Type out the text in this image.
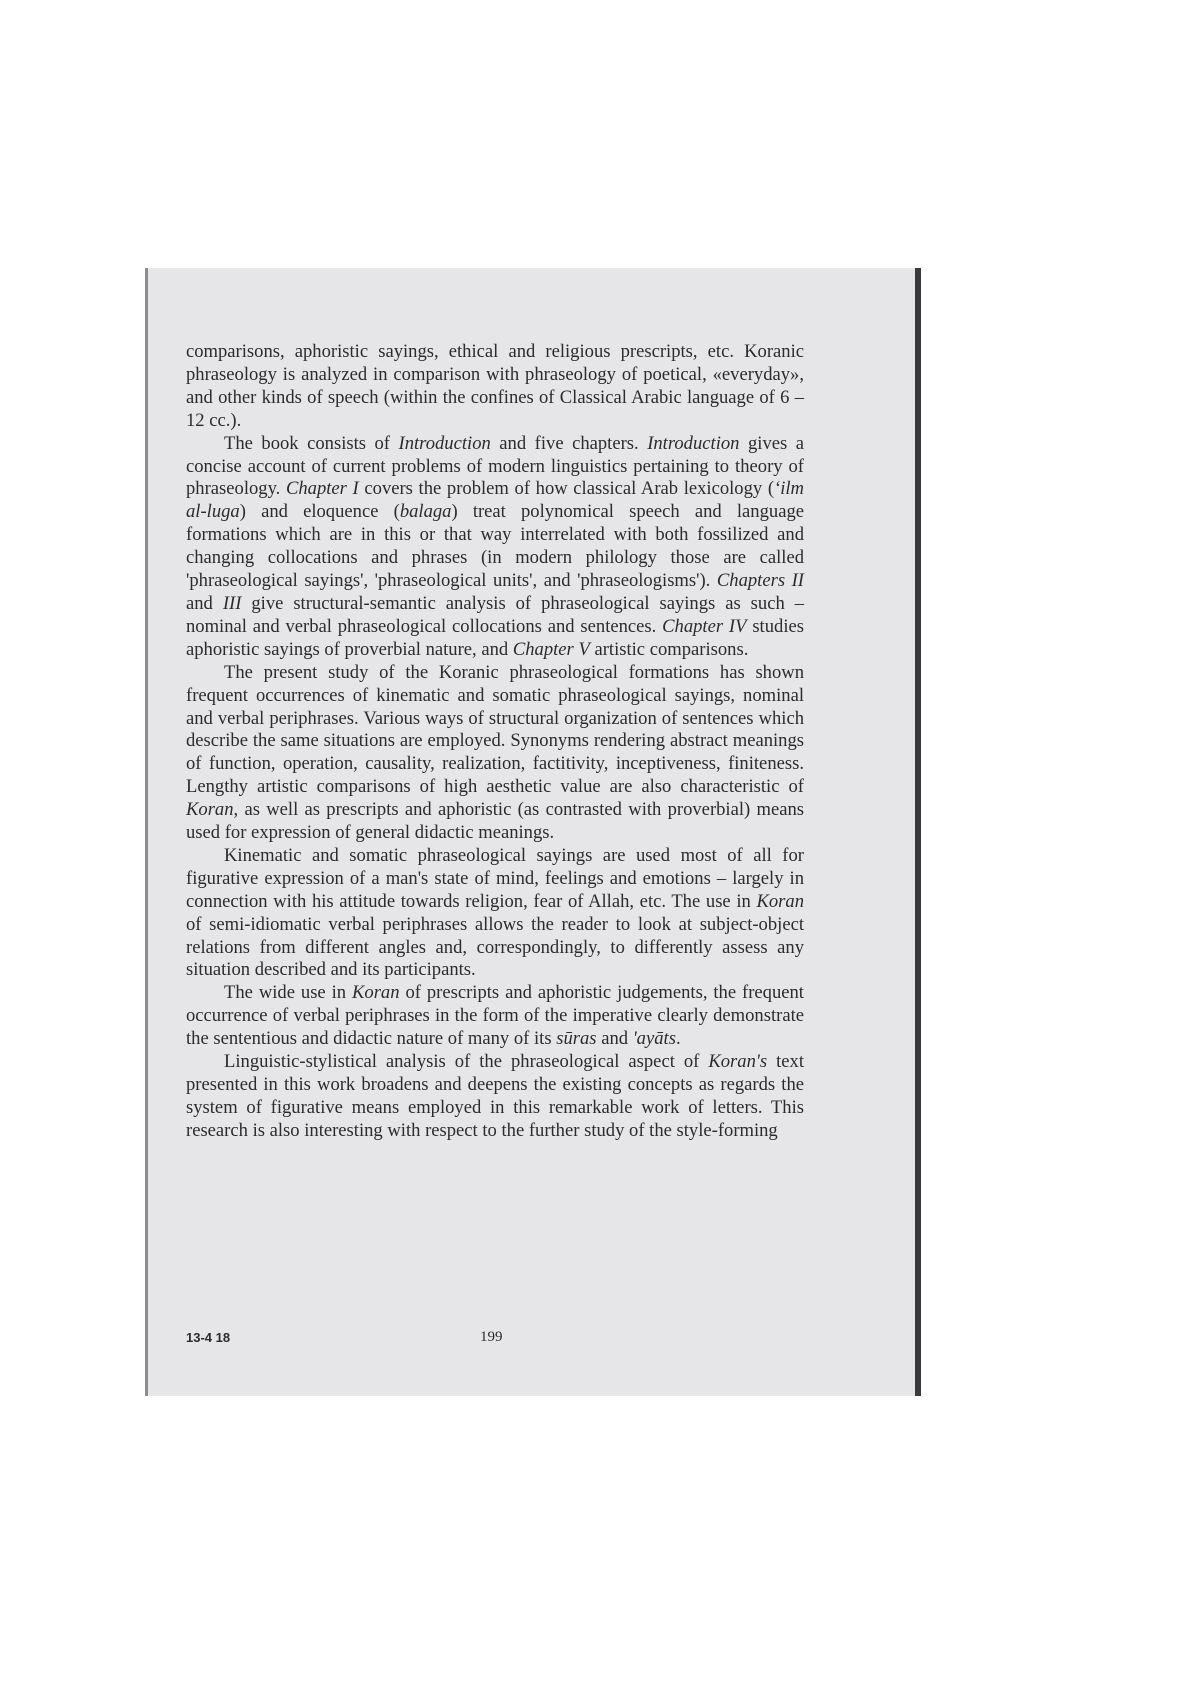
comparisons, aphoristic sayings, ethical and religious prescripts, etc. Koranic phraseology is analyzed in comparison with phraseology of poetical, «everyday», and other kinds of speech (within the confines of Classical Arabic language of 6 – 12 cc.).

The book consists of Introduction and five chapters. Introduction gives a concise account of current problems of modern linguistics pertaining to theory of phraseology. Chapter I covers the problem of how classical Arab lexicology (‘ilm al-luga) and eloquence (balaga) treat polynomical speech and language formations which are in this or that way interrelated with both fossilized and changing collocations and phrases (in modern philology those are called 'phraseological sayings', 'phraseological units', and 'phraseologisms'). Chapters II and III give structural-semantic analysis of phraseological sayings as such – nominal and verbal phraseological collocations and sentences. Chapter IV studies aphoristic sayings of proverbial nature, and Chapter V artistic comparisons.

The present study of the Koranic phraseological formations has shown frequent occurrences of kinematic and somatic phraseological sayings, nominal and verbal periphrases. Various ways of structural organization of sentences which describe the same situations are employed. Synonyms rendering abstract meanings of function, operation, causality, realization, factitivity, inceptiveness, finiteness. Lengthy artistic comparisons of high aesthetic value are also characteristic of Koran, as well as prescripts and aphoristic (as contrasted with proverbial) means used for expression of general didactic meanings.

Kinematic and somatic phraseological sayings are used most of all for figurative expression of a man's state of mind, feelings and emotions – largely in connection with his attitude towards religion, fear of Allah, etc. The use in Koran of semi-idiomatic verbal periphrases allows the reader to look at subject-object relations from different angles and, correspondingly, to differently assess any situation described and its participants.

The wide use in Koran of prescripts and aphoristic judgements, the frequent occurrence of verbal periphrases in the form of the imperative clearly demonstrate the sententious and didactic nature of many of its sūras and 'ayāts.

Linguistic-stylistical analysis of the phraseological aspect of Koran's text presented in this work broadens and deepens the existing concepts as regards the system of figurative means employed in this remarkable work of letters. This research is also interesting with respect to the further study of the style-forming

13-4 18	199
